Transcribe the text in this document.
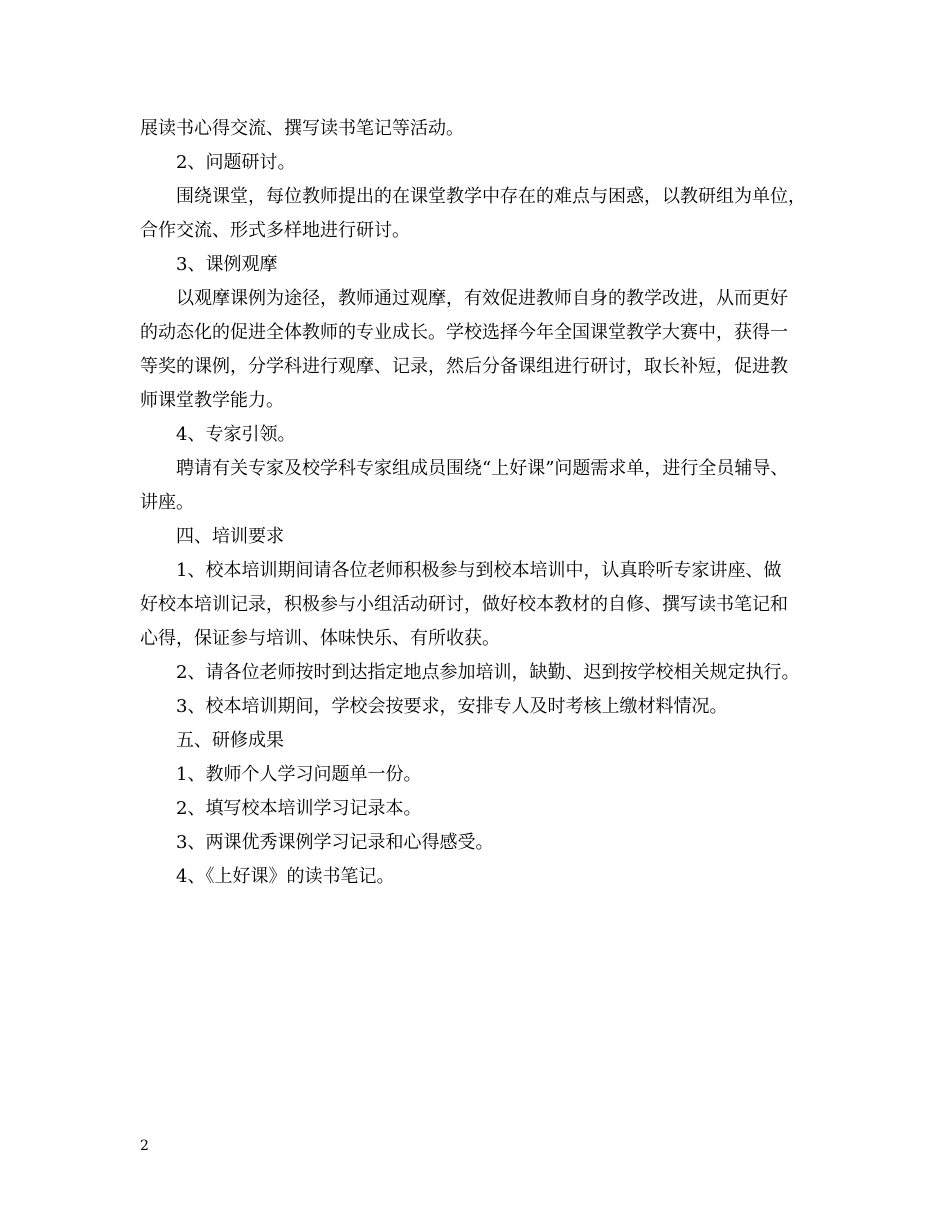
展读书心得交流、撰写读书笔记等活动。
2、问题研讨。
围绕课堂，每位教师提出的在课堂教学中存在的难点与困惑，以教研组为单位，
合作交流、形式多样地进行研讨。
3、课例观摩
以观摩课例为途径，教师通过观摩，有效促进教师自身的教学改进，从而更好
的动态化的促进全体教师的专业成长。学校选择今年全国课堂教学大赛中，获得一
等奖的课例，分学科进行观摩、记录，然后分备课组进行研讨，取长补短，促进教
师课堂教学能力。
4、专家引领。
聘请有关专家及校学科专家组成员围绕“上好课”问题需求单，进行全员辅导、
讲座。
四、培训要求
1、校本培训期间请各位老师积极参与到校本培训中，认真聆听专家讲座、做
好校本培训记录，积极参与小组活动研讨，做好校本教材的自修、撰写读书笔记和
心得，保证参与培训、体味快乐、有所收获。
2、请各位老师按时到达指定地点参加培训，缺勤、迟到按学校相关规定执行。
3、校本培训期间，学校会按要求，安排专人及时考核上缴材料情况。
五、研修成果
1、教师个人学习问题单一份。
2、填写校本培训学习记录本。
3、两课优秀课例学习记录和心得感受。
4、《上好课》的读书笔记。
2
